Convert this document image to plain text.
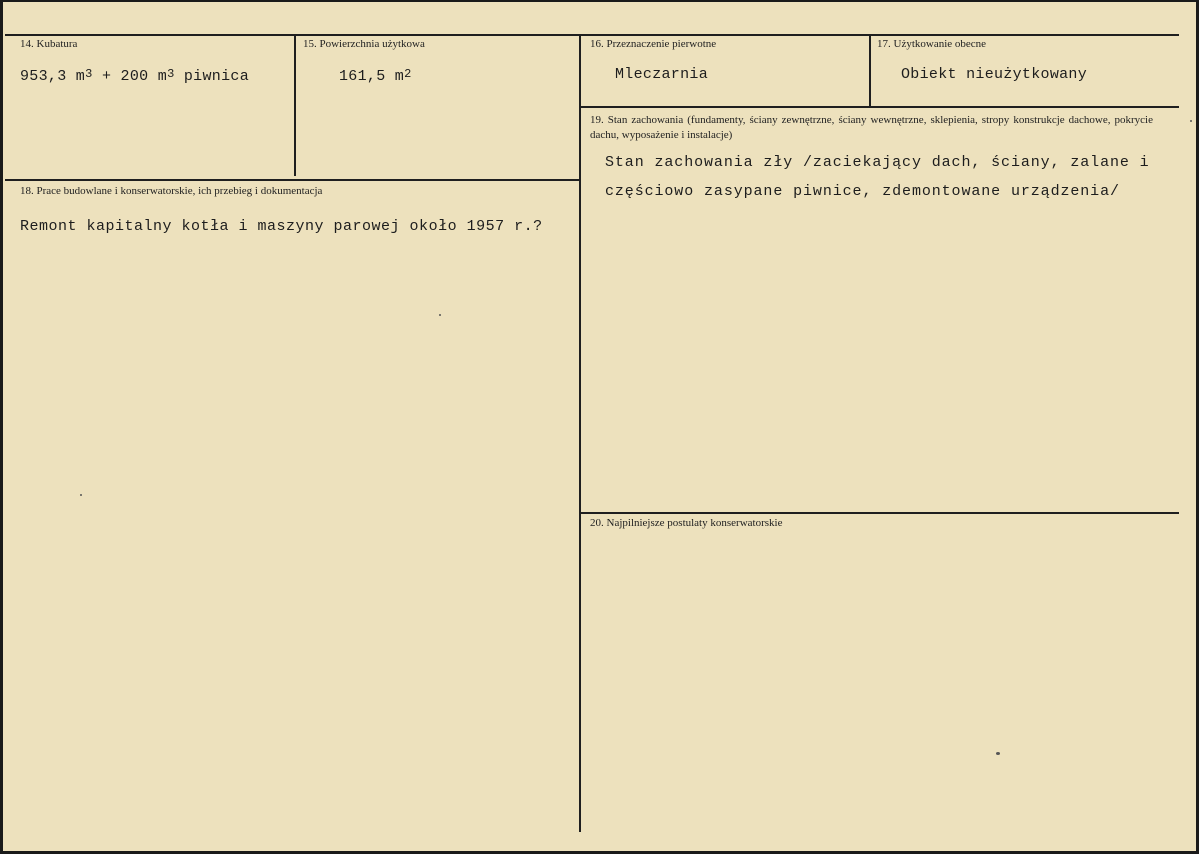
14. Kubatura
953,3 $m^3 + 200$ $m^3$ piwnica
15. Powierzchnia użytkowa
161,5 $m^2$
16. Przeznaczenie pierwotne
Mleczarnia
17. Użytkowanie obecne
Obiekt nieużytkowany
19. Stan zachowania (fundamenty, ściany zewnętrzne, ściany wewnętrzne, sklepienia, stropy konstrukcje dachowe, pokrycie dachu, wyposażenie i instalacje)
Stan zachowania zły /zaciekający dach, ściany, zalane i
częściowo zasypane piwnice, zdemontowane urządzenia/
18. Prace budowlane i konserwatorskie, ich przebieg i dokumentacja
Remont kapitalny kotła i maszyny parowej około 1957 r.?
20. Najpilniejsze postulaty konserwatorskie
